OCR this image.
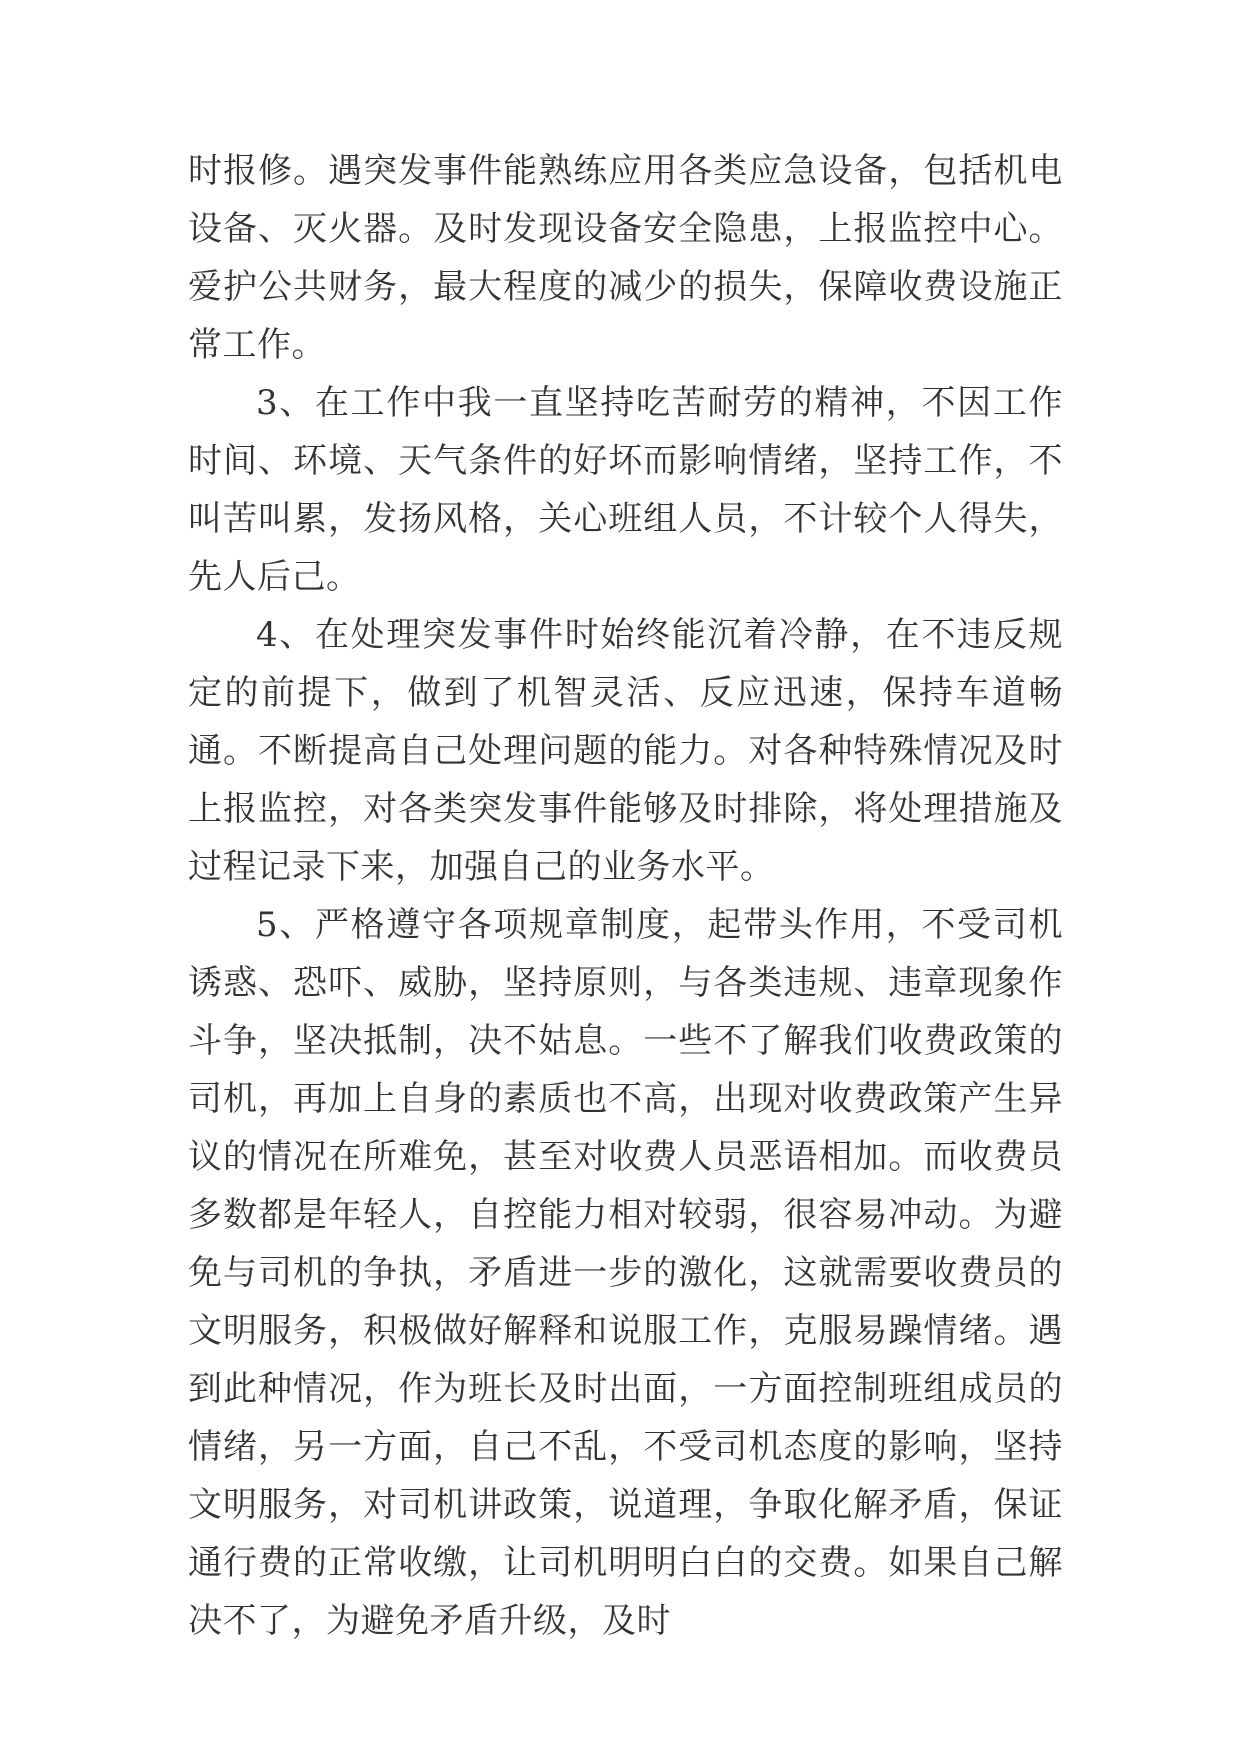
时报修。遇突发事件能熟练应用各类应急设备，包括机电设备、灭火器。及时发现设备安全隐患，上报监控中心。爱护公共财务，最大程度的减少的损失，保障收费设施正常工作。

3、在工作中我一直坚持吃苦耐劳的精神，不因工作时间、环境、天气条件的好坏而影响情绪，坚持工作，不叫苦叫累，发扬风格，关心班组人员，不计较个人得失，先人后己。

4、在处理突发事件时始终能沉着冷静，在不违反规定的前提下，做到了机智灵活、反应迅速，保持车道畅通。不断提高自己处理问题的能力。对各种特殊情况及时上报监控，对各类突发事件能够及时排除，将处理措施及过程记录下来，加强自己的业务水平。

5、严格遵守各项规章制度，起带头作用，不受司机诱惑、恐吓、威胁，坚持原则，与各类违规、违章现象作斗争，坚决抵制，决不姑息。一些不了解我们收费政策的司机，再加上自身的素质也不高，出现对收费政策产生异议的情况在所难免，甚至对收费人员恶语相加。而收费员多数都是年轻人，自控能力相对较弱，很容易冲动。为避免与司机的争执，矛盾进一步的激化，这就需要收费员的文明服务，积极做好解释和说服工作，克服易躁情绪。遇到此种情况，作为班长及时出面，一方面控制班组成员的情绪，另一方面，自己不乱，不受司机态度的影响，坚持文明服务，对司机讲政策，说道理，争取化解矛盾，保证通行费的正常收缴，让司机明明白白的交费。如果自己解决不了，为避免矛盾升级，及时
